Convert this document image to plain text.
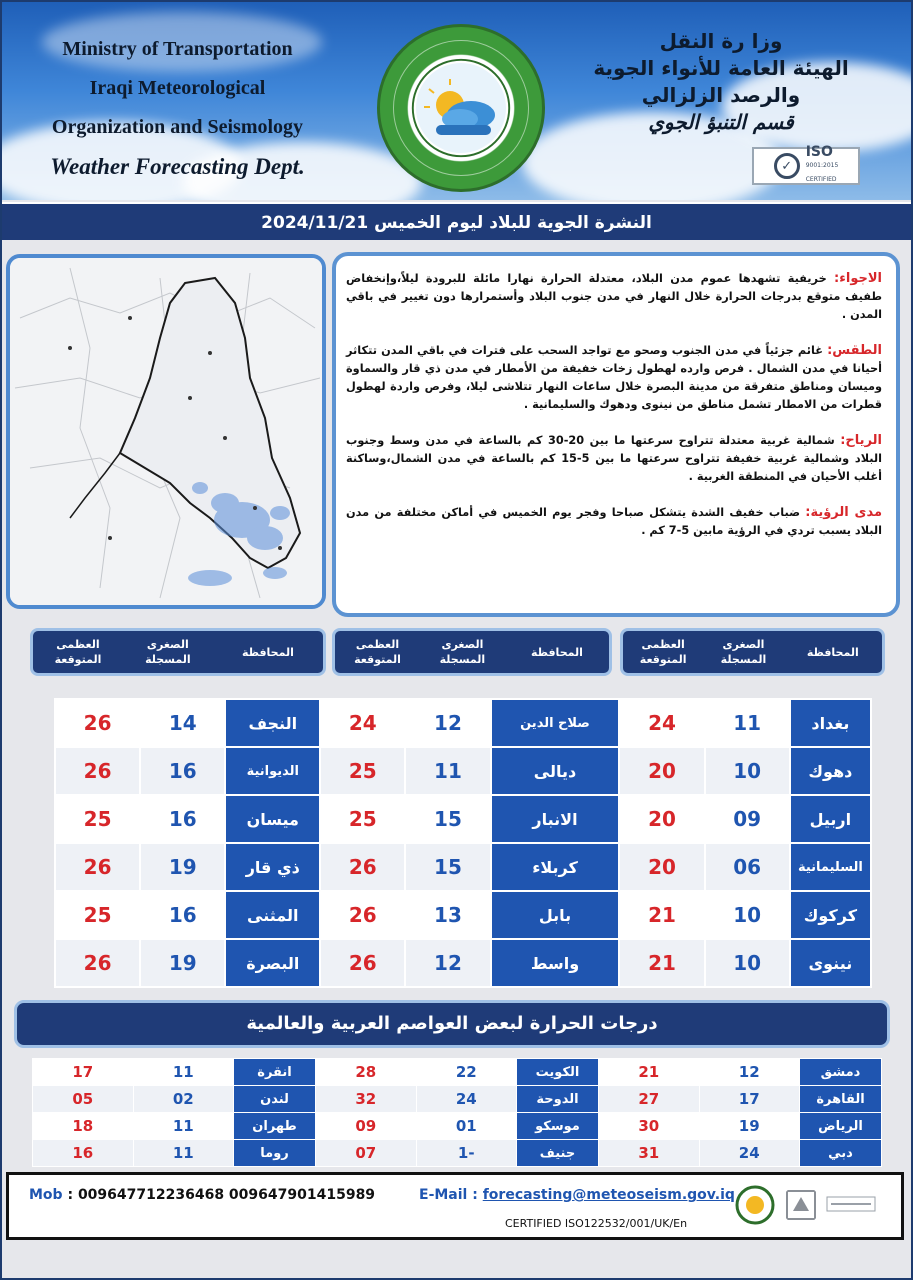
Ministry of Transportation
Iraqi Meteorological
Organization and Seismology
Weather Forecasting Dept.
وزا رة النقل
الهيئة العامة للأنواء الجوية
والرصد الزلزالي
قسم التنبؤ الجوي
✓
ISO
9001:2015
CERTIFIED
النشرة الجوية للبلاد ليوم الخميس 2024/11/21
الاجواء: خريفية تشهدها عموم مدن البلاد، معتدلة الحرارة نهارا مائلة للبرودة ليلاً،وإنخفاض طفيف متوقع بدرجات الحرارة خلال النهار في مدن جنوب البلاد وأستمرارها دون تغيير في باقي المدن .
الطقس: غائم جزئياً في مدن الجنوب وصحو مع تواجد السحب على فترات في باقي المدن تتكاثر أحيانا في مدن الشمال . فرص وارده لهطول زخات خفيفة من الأمطار في مدن ذي قار والسماوة وميسان ومناطق متفرقة من مدينة البصرة خلال ساعات النهار تتلاشى ليلا، وفرص واردة لهطول قطرات من الامطار تشمل مناطق من نينوى ودهوك والسليمانية .
الرياح: شمالية غربية معتدلة تتراوح سرعتها ما بين 20-30 كم بالساعة في مدن وسط وجنوب البلاد وشمالية غربية خفيفة تتراوح سرعتها ما بين 5-15 كم بالساعة في مدن الشمال،وساكنة أغلب الأحيان في المنطقة الغربية .
مدى الرؤية: ضباب خفيف الشدة يتشكل صباحا وفجر يوم الخميس في أماكن مختلفة من مدن البلاد يسبب تردي في الرؤية مابين 5-7 كم .
المحافظة
الصغرى المسجلة
العظمى المتوقعة
المحافظة
الصغرى المسجلة
العظمى المتوقعة
المحافظة
الصغرى المسجلة
العظمى المتوقعة
بغداد	11	24	صلاح الدين	12	24	النجف	14	26
دهوك	10	20	ديالى	11	25	الديوانية	16	26
اربيل	09	20	الانبار	15	25	ميسان	16	25
السليمانية	06	20	كربلاء	15	26	ذي قار	19	26
كركوك	10	21	بابل	13	26	المثنى	16	25
نينوى	10	21	واسط	12	26	البصرة	19	26
درجات الحرارة لبعض العواصم العربية والعالمية
دمشق	12	21	الكويت	22	28	انقرة	11	17
القاهرة	17	27	الدوحة	24	32	لندن	02	05
الرياض	19	30	موسكو	01	09	طهران	11	18
دبي	24	31	جنيف	-1	07	روما	11	16
Mob : 009647712236468 009647901415989	E-Mail : forecasting@meteoseism.gov.iq
CERTIFIED ISO122532/001/UK/En
